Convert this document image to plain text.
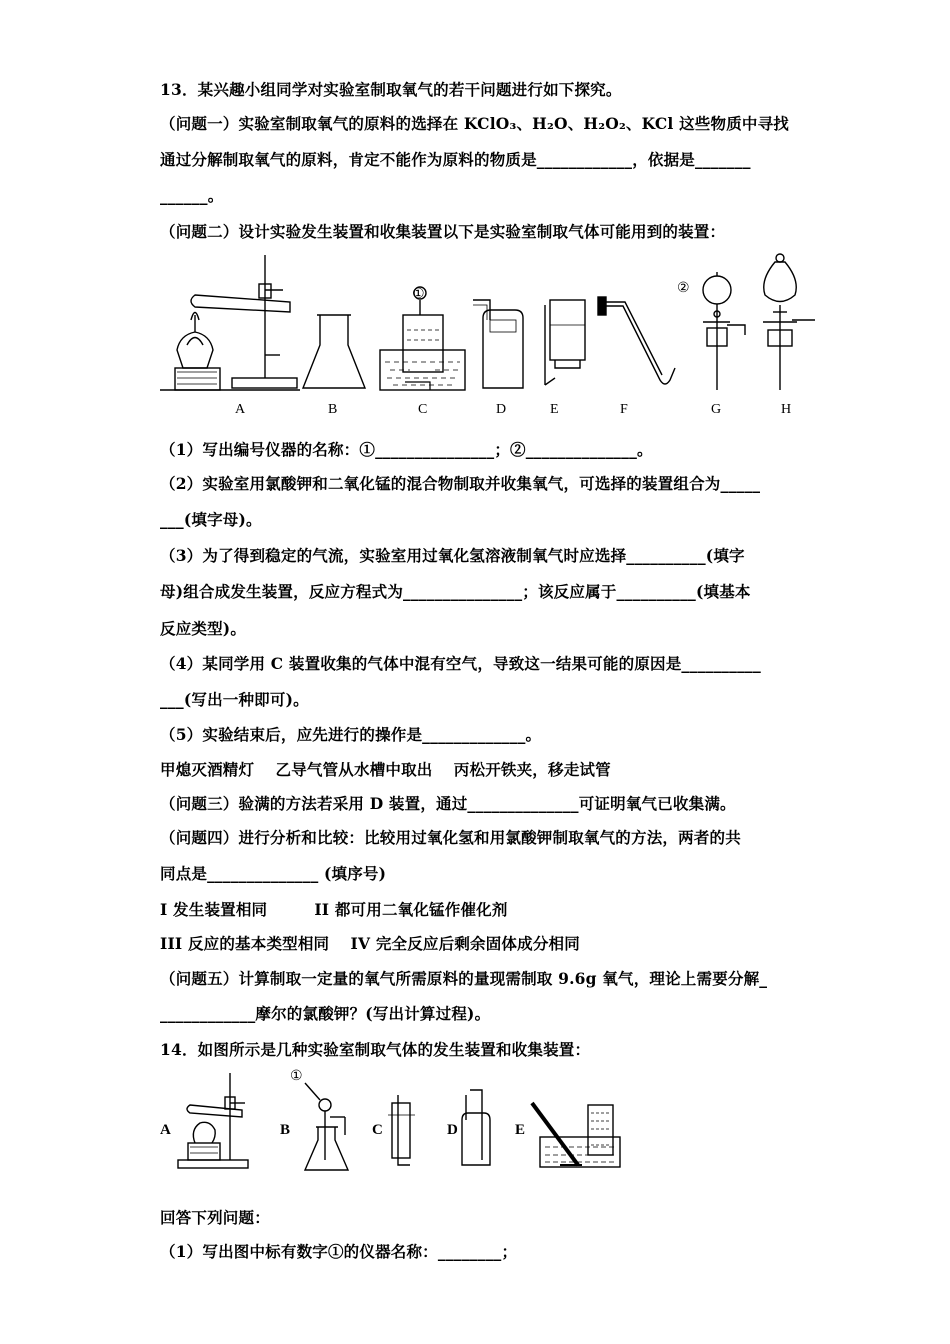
13．某兴趣小组同学对实验室制取氧气的若干问题进行如下探究。
（问题一）实验室制取氧气的原料的选择在 KClO₃、H₂O、H₂O₂、KCl 这些物质中寻找
通过分解制取氧气的原料，肯定不能作为原料的物质是____________，依据是_______
______。
（问题二）设计实验发生装置和收集装置以下是实验室制取气体可能用到的装置：
A	B	C	D	E	F	G	H
①	②
（1）写出编号仪器的名称：①_______________；②______________。
（2）实验室用氯酸钾和二氧化锰的混合物制取并收集氧气，可选择的装置组合为_____
___(填字母)。
（3）为了得到稳定的气流，实验室用过氧化氢溶液制氧气时应选择__________(填字
母)组合成发生装置，反应方程式为_______________；该反应属于__________(填基本
反应类型)。
（4）某同学用 C 装置收集的气体中混有空气，导致这一结果可能的原因是__________
___(写出一种即可)。
（5）实验结束后，应先进行的操作是_____________。
甲熄灭酒精灯　 乙导气管从水槽中取出　 丙松开铁夹，移走试管
（问题三）验满的方法若采用 D 装置，通过______________可证明氧气已收集满。
（问题四）进行分析和比较：比较用过氧化氢和用氯酸钾制取氧气的方法，两者的共
同点是______________ (填序号)
I 发生装置相同　　　II 都可用二氧化锰作催化剂
III 反应的基本类型相同　 IV 完全反应后剩余固体成分相同
（问题五）计算制取一定量的氧气所需原料的量现需制取 9.6g 氧气，理论上需要分解_
____________摩尔的氯酸钾？(写出计算过程)。
14．如图所示是几种实验室制取气体的发生装置和收集装置：
A	B	C	D	E
①
回答下列问题：
（1）写出图中标有数字①的仪器名称：________；
